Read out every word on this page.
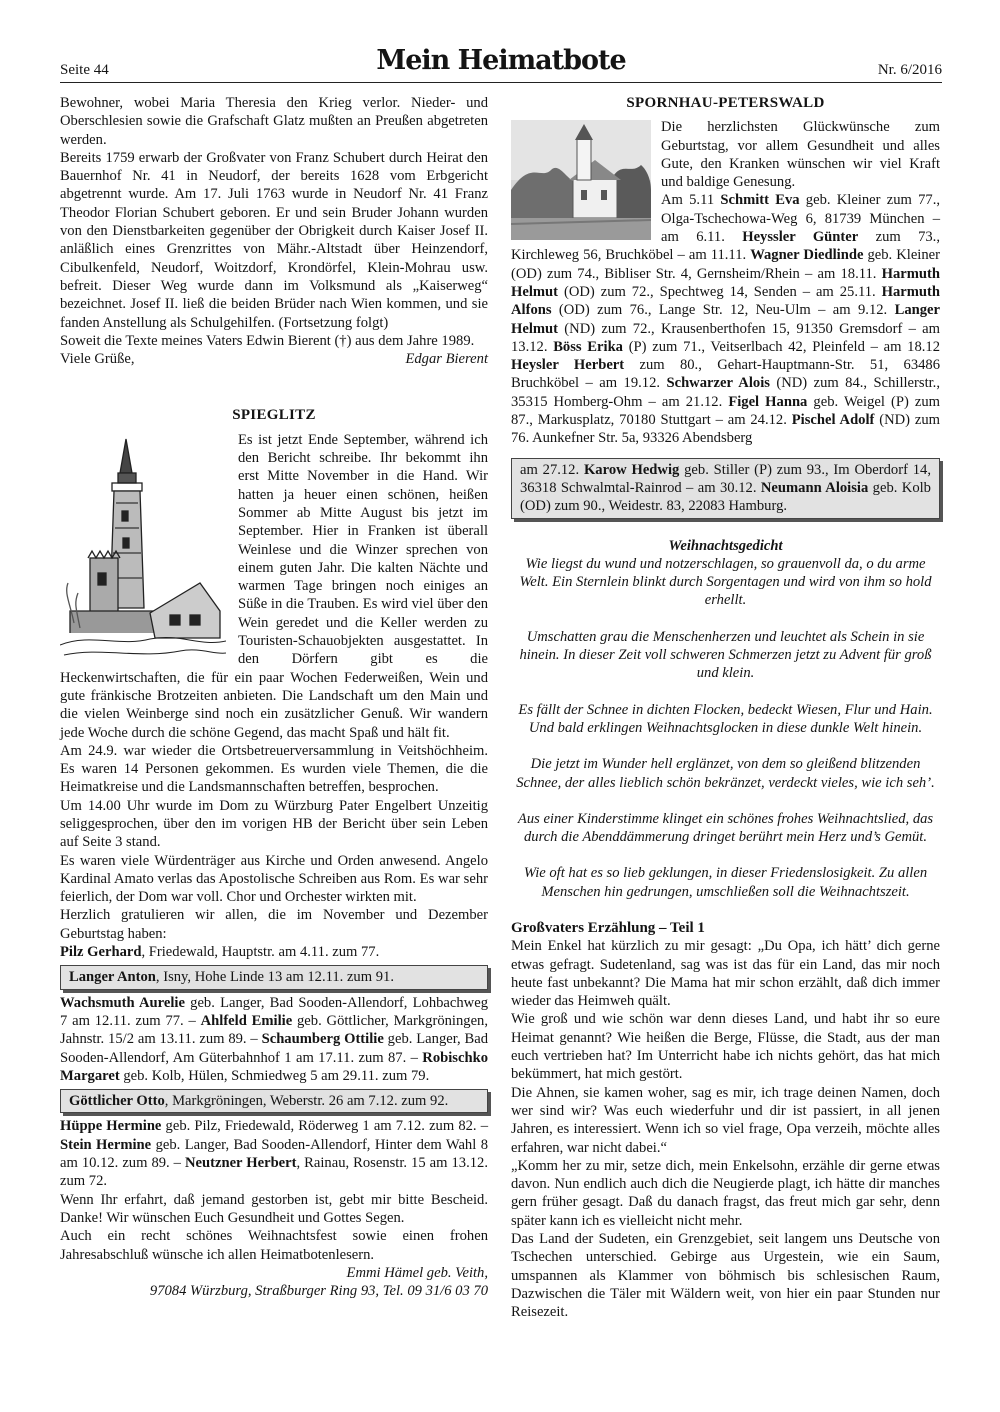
Seite 44	Mein Heimatbote	Nr. 6/2016

Bewohner, wobei Maria Theresia den Krieg verlor. Nieder- und Oberschlesien sowie die Grafschaft Glatz mußten an Preußen abgetreten werden.

Bereits 1759 erwarb der Großvater von Franz Schubert durch Heirat den Bauernhof Nr. 41 in Neudorf, der bereits 1628 vom Erbgericht abgetrennt wurde. Am 17. Juli 1763 wurde in Neudorf Nr. 41 Franz Theodor Florian Schubert geboren. Er und sein Bruder Johann wurden von den Dienstbarkeiten gegenüber der Obrigkeit durch Kaiser Josef II. anläßlich eines Grenzrittes von Mähr.-Altstadt über Heinzendorf, Cibulkenfeld, Neudorf, Woitzdorf, Krondörfel, Klein-Mohrau usw. befreit. Dieser Weg wurde dann im Volksmund als „Kaiserweg“ bezeichnet. Josef II. ließ die beiden Brüder nach Wien kommen, und sie fanden Anstellung als Schulgehilfen. (Fortsetzung folgt)

Soweit die Texte meines Vaters Edwin Bierent (†) aus dem Jahre 1989.

Viele Grüße,	Edgar Bierent
SPIEGLITZ

Es ist jetzt Ende September, während ich den Bericht schreibe. Ihr bekommt ihn erst Mitte November in die Hand. Wir hatten ja heuer einen schönen, heißen Sommer ab Mitte August bis jetzt im September. Hier in Franken ist überall Weinlese und die Winzer sprechen von einem guten Jahr. Die kalten Nächte und warmen Tage bringen noch einiges an Süße in die Trauben. Es wird viel über den Wein geredet und die Keller werden zu Touristen-Schauobjekten ausgestattet. In den Dörfern gibt es die Heckenwirtschaften, die für ein paar Wochen Federweißen, Wein und gute fränkische Brotzeiten anbieten. Die Landschaft um den Main und die vielen Weinberge sind noch ein zusätzlicher Genuß. Wir wandern jede Woche durch die schöne Gegend, das macht Spaß und hält fit.

Am 24.9. war wieder die Ortsbetreuerversammlung in Veitshöchheim. Es waren 14 Personen gekommen. Es wurden viele Themen, die die Heimatkreise und die Landsmannschaften betreffen, besprochen.

Um 14.00 Uhr wurde im Dom zu Würzburg Pater Engelbert Unzeitig seliggesprochen, über den im vorigen HB der Bericht über sein Leben auf Seite 3 stand.

Es waren viele Würdenträger aus Kirche und Orden anwesend. Angelo Kardinal Amato verlas das Apostolische Schreiben aus Rom. Es war sehr feierlich, der Dom war voll. Chor und Orchester wirkten mit.

Herzlich gratulieren wir allen, die im November und Dezember Geburtstag haben:

Pilz Gerhard, Friedewald, Hauptstr. am 4.11. zum 77.

Langer Anton, Isny, Hohe Linde 13 am 12.11. zum 91.

Wachsmuth Aurelie geb. Langer, Bad Sooden-Allendorf, Lohbachweg 7 am 12.11. zum 77. – Ahlfeld Emilie geb. Göttlicher, Markgröningen, Jahnstr. 15/2 am 13.11. zum 89. – Schaumberg Ottilie geb. Langer, Bad Sooden-Allendorf, Am Güterbahnhof 1 am 17.11. zum 87. – Robischko Margaret geb. Kolb, Hülen, Schmiedweg 5 am 29.11. zum 79.

Göttlicher Otto, Markgröningen, Weberstr. 26 am 7.12. zum 92.

Hüppe Hermine geb. Pilz, Friedewald, Röderweg 1 am 7.12. zum 82. – Stein Hermine geb. Langer, Bad Sooden-Allendorf, Hinter dem Wahl 8 am 10.12. zum 89. – Neutzner Herbert, Rainau, Rosenstr. 15 am 13.12. zum 72.

Wenn Ihr erfahrt, daß jemand gestorben ist, gebt mir bitte Bescheid. Danke! Wir wünschen Euch Gesundheit und Gottes Segen.

Auch ein recht schönes Weihnachtsfest sowie einen frohen Jahresabschluß wünsche ich allen Heimatbotenlesern.

Emmi Hämel geb. Veith,

97084 Würzburg, Straßburger Ring 93, Tel. 09 31/6 03 70

SPORNHAU-PETERSWALD

Die herzlichsten Glückwünsche zum Geburtstag, vor allem Gesundheit und alles Gute, den Kranken wünschen wir viel Kraft und baldige Genesung.

Am 5.11 Schmitt Eva geb. Kleiner zum 77., Olga-Tschechowa-Weg 6, 81739 München – am 6.11. Heyssler Günter zum 73., Kirchleweg 56, Bruchköbel – am 11.11. Wagner Diedlinde geb. Kleiner (OD) zum 74., Bibliser Str. 4, Gernsheim/Rhein – am 18.11. Harmuth Helmut (OD) zum 72., Spechtweg 14, Senden – am 25.11. Harmuth Alfons (OD) zum 76., Lange Str. 12, Neu-Ulm – am 9.12. Langer Helmut (ND) zum 72., Krausenberthofen 15, 91350 Gremsdorf – am 13.12. Böss Erika (P) zum 71., Veitserlbach 42, Pleinfeld – am 18.12 Heysler Herbert zum 80., Gehart-Hauptmann-Str. 51, 63486 Bruchköbel – am 19.12. Schwarzer Alois (ND) zum 84., Schillerstr., 35315 Homberg-Ohm – am 21.12. Figel Hanna geb. Weigel (P) zum 87., Markusplatz, 70180 Stuttgart – am 24.12. Pischel Adolf (ND) zum 76. Aunkefner Str. 5a, 93326 Abendsberg

am 27.12. Karow Hedwig geb. Stiller (P) zum 93., Im Oberdorf 14, 36318 Schwalmtal-Rainrod – am 30.12. Neumann Aloisia geb. Kolb (OD) zum 90., Weidestr. 83, 22083 Hamburg.

Weihnachtsgedicht

Wie liegst du wund und notzerschlagen, so grauenvoll da, o du arme Welt. Ein Sternlein blinkt durch Sorgentagen und wird von ihm so hold erhellt.

Umschatten grau die Menschenherzen und leuchtet als Schein in sie hinein. In dieser Zeit voll schweren Schmerzen jetzt zu Advent für groß und klein.

Es fällt der Schnee in dichten Flocken, bedeckt Wiesen, Flur und Hain. Und bald erklingen Weihnachtsglocken in diese dunkle Welt hinein.

Die jetzt im Wunder hell erglänzet, von dem so gleißend blitzenden Schnee, der alles lieblich schön bekränzet, verdeckt vieles, wie ich seh’.

Aus einer Kinderstimme klinget ein schönes frohes Weihnachtslied, das durch die Abenddämmerung dringet berührt mein Herz und’s Gemüt.

Wie oft hat es so lieb geklungen, in dieser Friedenslosigkeit. Zu allen Menschen hin gedrungen, umschließen soll die Weihnachtszeit.

Großvaters Erzählung – Teil 1

Mein Enkel hat kürzlich zu mir gesagt: „Du Opa, ich hätt’ dich gerne etwas gefragt. Sudetenland, sag was ist das für ein Land, das mir noch heute fast unbekannt? Die Mama hat mir schon erzählt, daß dich immer wieder das Heimweh quält.

Wie groß und wie schön war denn dieses Land, und habt ihr so eure Heimat genannt? Wie heißen die Berge, Flüsse, die Stadt, aus der man euch vertrieben hat? Im Unterricht habe ich nichts gehört, das hat mich bekümmert, hat mich gestört.

Die Ahnen, sie kamen woher, sag es mir, ich trage deinen Namen, doch wer sind wir? Was euch wiederfuhr und dir ist passiert, in all jenen Jahren, es interessiert. Wenn ich so viel frage, Opa verzeih, möchte alles erfahren, war nicht dabei.“

„Komm her zu mir, setze dich, mein Enkelsohn, erzähle dir gerne etwas davon. Nun endlich auch dich die Neugierde plagt, ich hätte dir manches gern früher gesagt. Daß du danach fragst, das freut mich gar sehr, denn später kann ich es vielleicht nicht mehr.

Das Land der Sudeten, ein Grenzgebiet, seit langem uns Deutsche von Tschechen unterschied. Gebirge aus Urgestein, wie ein Saum, umspannen als Klammer von böhmisch bis schlesischen Raum, Dazwischen die Täler mit Wäldern weit, von hier ein paar Stunden nur Reisezeit.
